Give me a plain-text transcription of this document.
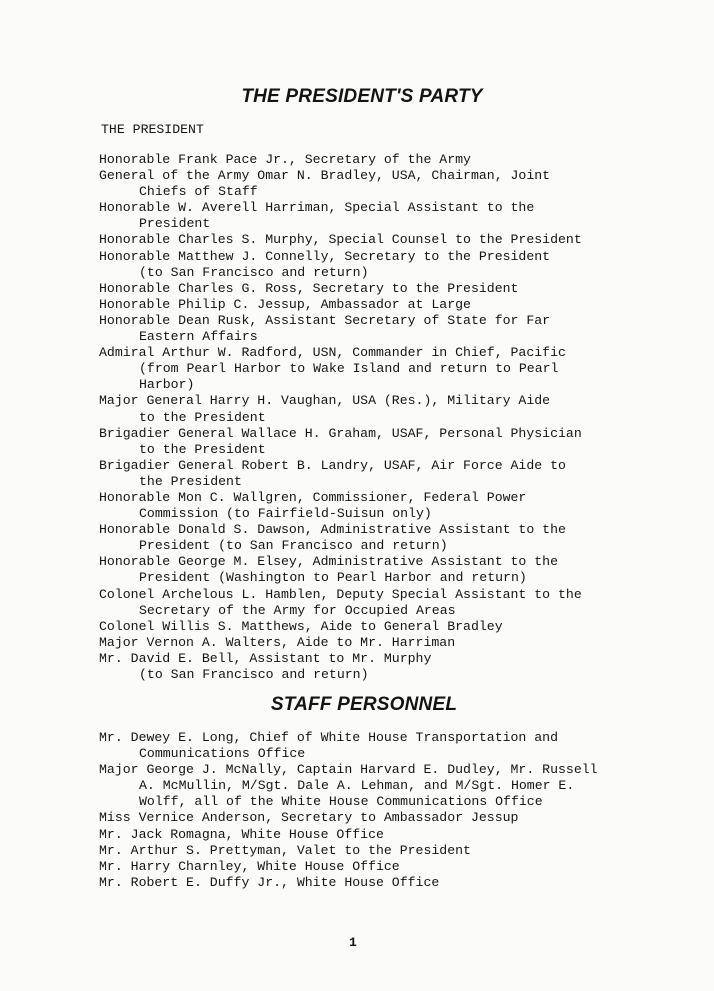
THE PRESIDENT'S PARTY

THE PRESIDENT

Honorable Frank Pace Jr., Secretary of the Army
General of the Army Omar N. Bradley, USA, Chairman, Joint
Chiefs of Staff
Honorable W. Averell Harriman, Special Assistant to the
President
Honorable Charles S. Murphy, Special Counsel to the President
Honorable Matthew J. Connelly, Secretary to the President
(to San Francisco and return)
Honorable Charles G. Ross, Secretary to the President
Honorable Philip C. Jessup, Ambassador at Large
Honorable Dean Rusk, Assistant Secretary of State for Far
Eastern Affairs
Admiral Arthur W. Radford, USN, Commander in Chief, Pacific
(from Pearl Harbor to Wake Island and return to Pearl
Harbor)
Major General Harry H. Vaughan, USA (Res.), Military Aide
to the President
Brigadier General Wallace H. Graham, USAF, Personal Physician
to the President
Brigadier General Robert B. Landry, USAF, Air Force Aide to
the President
Honorable Mon C. Wallgren, Commissioner, Federal Power
Commission (to Fairfield-Suisun only)
Honorable Donald S. Dawson, Administrative Assistant to the
President (to San Francisco and return)
Honorable George M. Elsey, Administrative Assistant to the
President (Washington to Pearl Harbor and return)
Colonel Archelous L. Hamblen, Deputy Special Assistant to the
Secretary of the Army for Occupied Areas
Colonel Willis S. Matthews, Aide to General Bradley
Major Vernon A. Walters, Aide to Mr. Harriman
Mr. David E. Bell, Assistant to Mr. Murphy
(to San Francisco and return)
STAFF PERSONNEL
Mr. Dewey E. Long, Chief of White House Transportation and
Communications Office
Major George J. McNally, Captain Harvard E. Dudley, Mr. Russell
A. McMullin, M/Sgt. Dale A. Lehman, and M/Sgt. Homer E.
Wolff, all of the White House Communications Office
Miss Vernice Anderson, Secretary to Ambassador Jessup
Mr. Jack Romagna, White House Office
Mr. Arthur S. Prettyman, Valet to the President
Mr. Harry Charnley, White House Office
Mr. Robert E. Duffy Jr., White House Office
1
